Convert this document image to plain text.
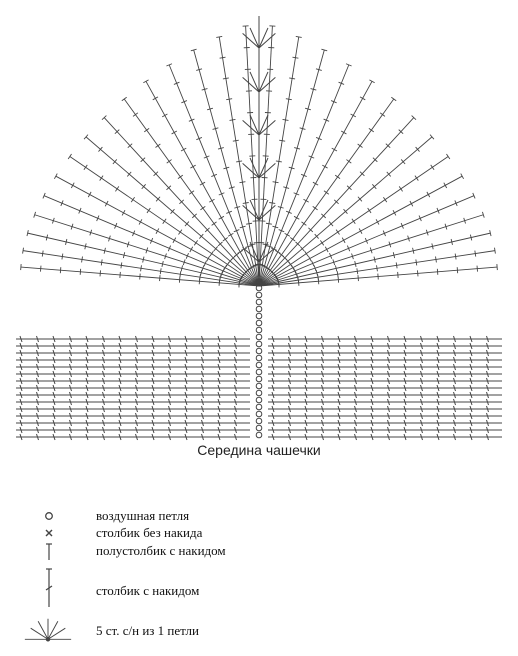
Середина чашечки
воздушная петля
столбик без накида
полустолбик с накидом
столбик с накидом
5 ст. с/н из 1 петли
